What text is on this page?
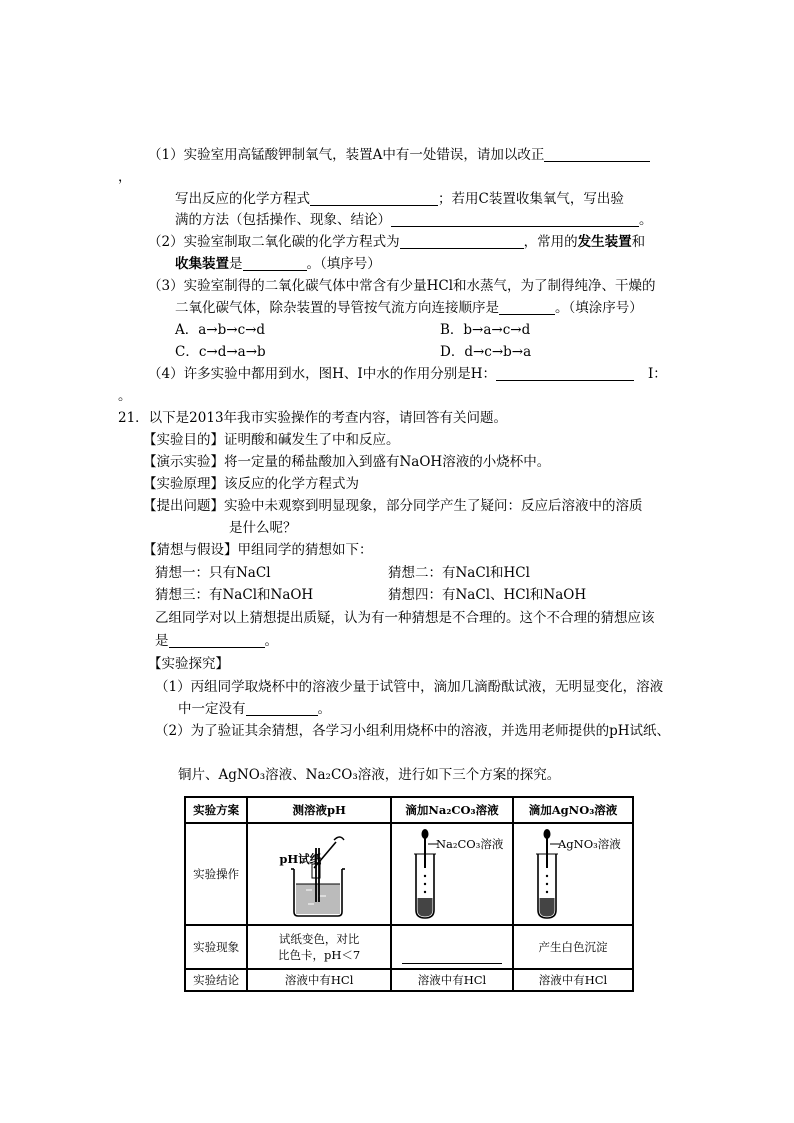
（1）实验室用高锰酸钾制氧气，装置A中有一处错误，请加以改正
，
写出反应的化学方程式	；若用C装置收集氧气，写出验
满的方法（包括操作、现象、结论）	。
（2）实验室制取二氧化碳的化学方程式为	，常用的发生装置和
收集装置是	。（填序号）
（3）实验室制得的二氧化碳气体中常含有少量HCl和水蒸气，为了制得纯净、干燥的
二氧化碳气体，除杂装置的导管按气流方向连接顺序是	。（填涂序号）
A．a→b→c→d	B．b→a→c→d
C．c→d→a→b	D．d→c→b→a
（4）许多实验中都用到水，图H、I中水的作用分别是H：	I：
。
21．以下是2013年我市实验操作的考查内容，请回答有关问题。
【实验目的】证明酸和碱发生了中和反应。
【演示实验】将一定量的稀盐酸加入到盛有NaOH溶液的小烧杯中。
【实验原理】该反应的化学方程式为
【提出问题】实验中未观察到明显现象，部分同学产生了疑问：反应后溶液中的溶质
是什么呢？
【猜想与假设】甲组同学的猜想如下：
猜想一：只有NaCl	猜想二：有NaCl和HCl
猜想三：有NaCl和NaOH	猜想四：有NaCl、HCl和NaOH
乙组同学对以上猜想提出质疑，认为有一种猜想是不合理的。这个不合理的猜想应该
是	。
【实验探究】
（1）丙组同学取烧杯中的溶液少量于试管中，滴加几滴酚酞试液，无明显变化，溶液
中一定没有	。
（2）为了验证其余猜想，各学习小组利用烧杯中的溶液，并选用老师提供的pH试纸、
铜片、AgNO₃溶液、Na₂CO₃溶液，进行如下三个方案的探究。
实验方案	测溶液pH	滴加Na₂CO₃溶液	滴加AgNO₃溶液
实验操作	pH试纸	Na₂CO₃溶液	AgNO₃溶液

实验现象	试纸变色，对比
比色卡，pH＜7		产生白色沉淀
实验结论	溶液中有HCl	溶液中有HCl	溶液中有HCl
